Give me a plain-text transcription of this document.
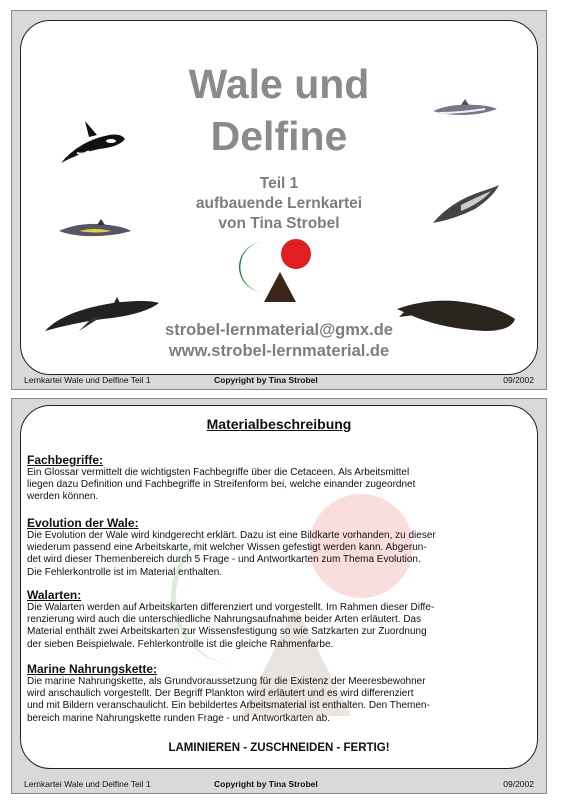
Wale und
Delfine
Teil 1
aufbauende Lernkartei
von Tina Strobel
strobel-lernmaterial@gmx.de
www.strobel-lernmaterial.de
Lernkartei Wale und Delfine Teil 1	Copyright by Tina Strobel	09/2002
Materialbeschreibung
Fachbegriffe:

Ein Glossar vermittelt die wichtigsten Fachbegriffe über die Cetaceen. Als Arbeitsmittel
liegen dazu Definition und Fachbegriffe in Streifenform bei, welche einander zugeordnet
werden können.

Evolution der Wale:

Die Evolution der Wale wird kindgerecht erklärt. Dazu ist eine Bildkarte vorhanden, zu dieser
wiederum passend eine Arbeitskarte, mit welcher Wissen gefestigt werden kann. Abgerun-
det wird dieser Themenbereich durch 5 Frage - und Antwortkarten zum Thema Evolution.
Die Fehlerkontrolle ist im Material enthalten.

Walarten:

Die Walarten werden auf Arbeitskarten differenziert und vorgestellt. Im Rahmen dieser Diffe-
renzierung wird auch die unterschiedliche Nahrungsaufnahme beider Arten erläutert. Das
Material enthält zwei Arbeitskarten zur Wissensfestigung so wie Satzkarten zur Zuordnung
der sieben Beispielwale. Fehlerkontrolle ist die gleiche Rahmenfarbe.

Marine Nahrungskette:

Die marine Nahrungskette, als Grundvoraussetzung für die Existenz der Meeresbewohner
wird anschaulich vorgestellt. Der Begriff Plankton wird erläutert und es wird differenziert
und mit Bildern veranschaulicht. Ein bebildertes Arbeitsmaterial ist enthalten. Den Themen-
bereich marine Nahrungskette runden Frage - und Antwortkarten ab.

LAMINIEREN - ZUSCHNEIDEN - FERTIG!
Lernkartei Wale und Delfine Teil 1	Copyright by Tina Strobel	09/2002
